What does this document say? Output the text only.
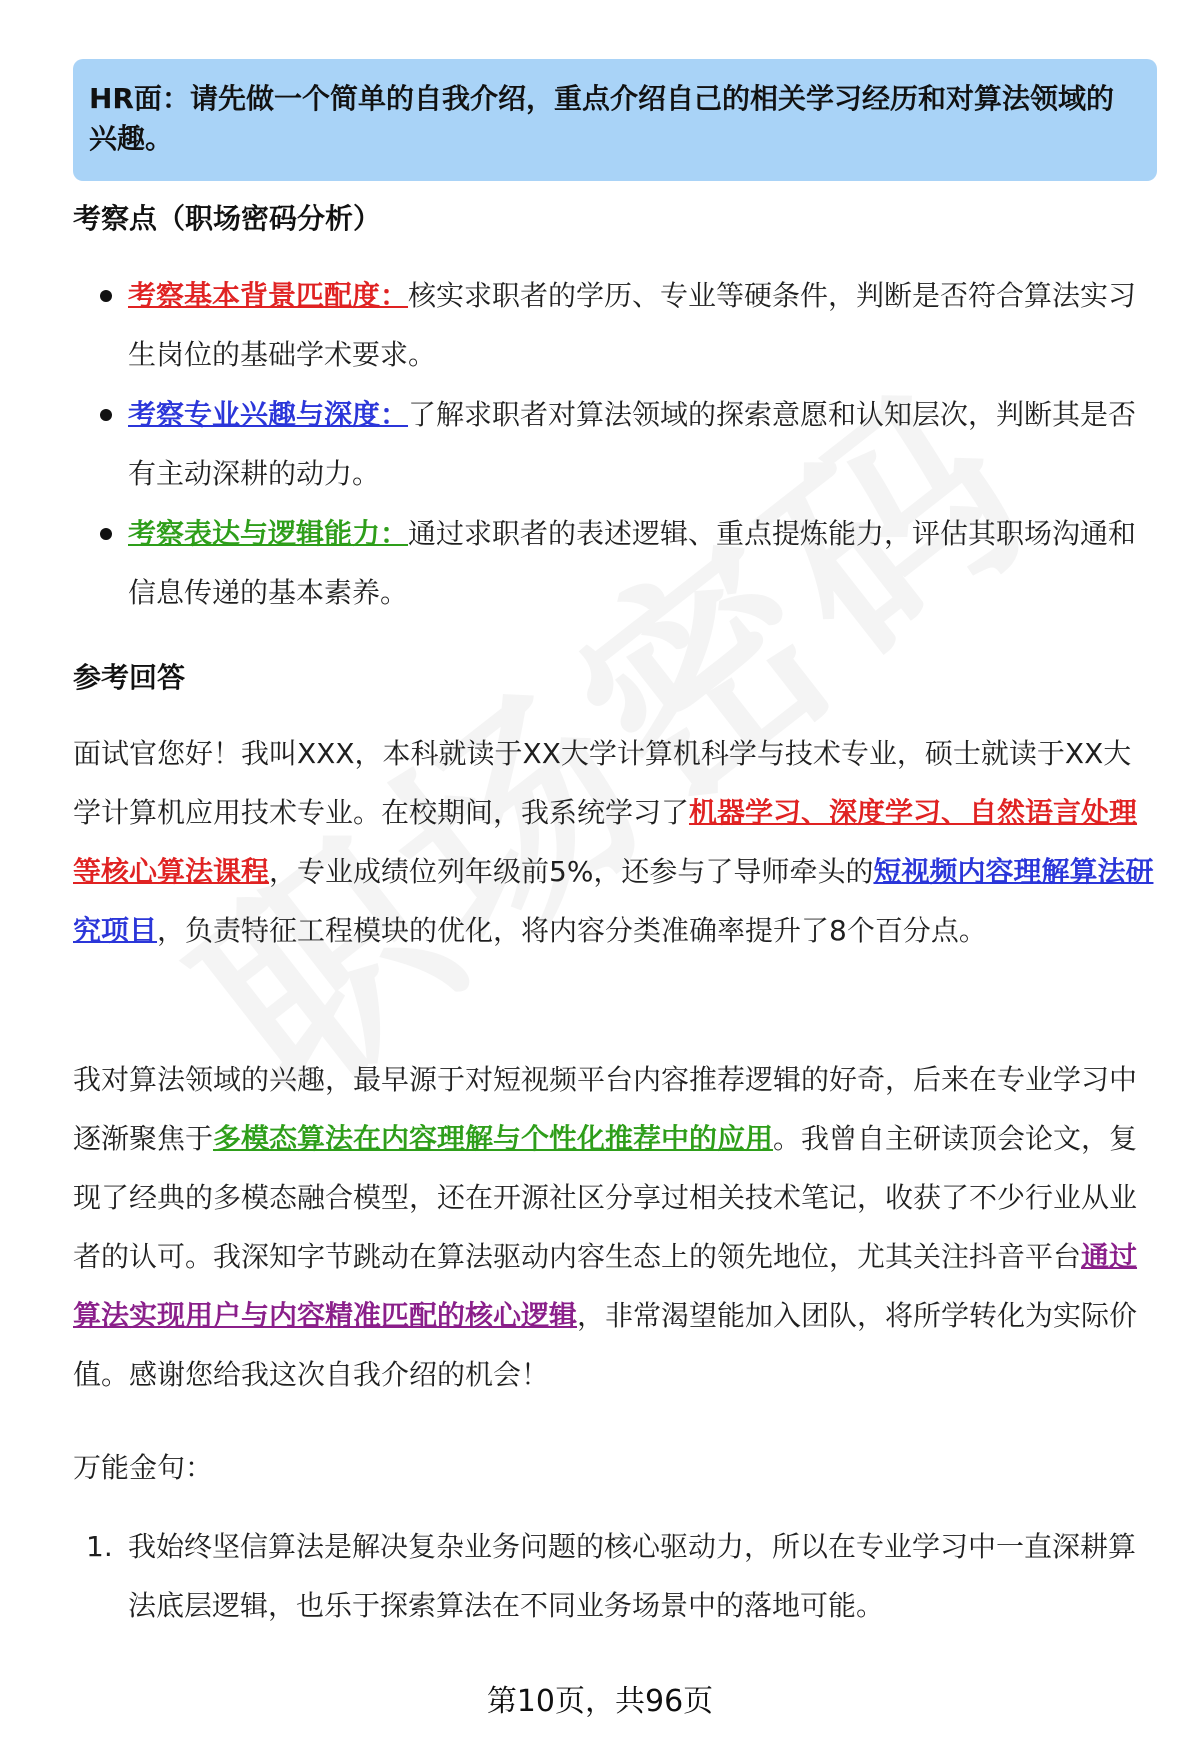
HR面：请先做一个简单的自我介绍，重点介绍自己的相关学习经历和对算法领域的兴趣。
考察点（职场密码分析）
考察基本背景匹配度：核实求职者的学历、专业等硬条件，判断是否符合算法实习生岗位的基础学术要求。
考察专业兴趣与深度：了解求职者对算法领域的探索意愿和认知层次，判断其是否有主动深耕的动力。
考察表达与逻辑能力：通过求职者的表述逻辑、重点提炼能力，评估其职场沟通和信息传递的基本素养。
参考回答

面试官您好！我叫XXX，本科就读于XX大学计算机科学与技术专业，硕士就读于XX大学计算机应用技术专业。在校期间，我系统学习了机器学习、深度学习、自然语言处理等核心算法课程，专业成绩位列年级前5%，还参与了导师牵头的短视频内容理解算法研究项目，负责特征工程模块的优化，将内容分类准确率提升了8个百分点。

我对算法领域的兴趣，最早源于对短视频平台内容推荐逻辑的好奇，后来在专业学习中逐渐聚焦于多模态算法在内容理解与个性化推荐中的应用。我曾自主研读顶会论文，复现了经典的多模态融合模型，还在开源社区分享过相关技术笔记，收获了不少行业从业者的认可。我深知字节跳动在算法驱动内容生态上的领先地位，尤其关注抖音平台通过算法实现用户与内容精准匹配的核心逻辑，非常渴望能加入团队，将所学转化为实际价值。感谢您给我这次自我介绍的机会！

万能金句：
1. 我始终坚信算法是解决复杂业务问题的核心驱动力，所以在专业学习中一直深耕算法底层逻辑，也乐于探索算法在不同业务场景中的落地可能。
第10页，共96页
